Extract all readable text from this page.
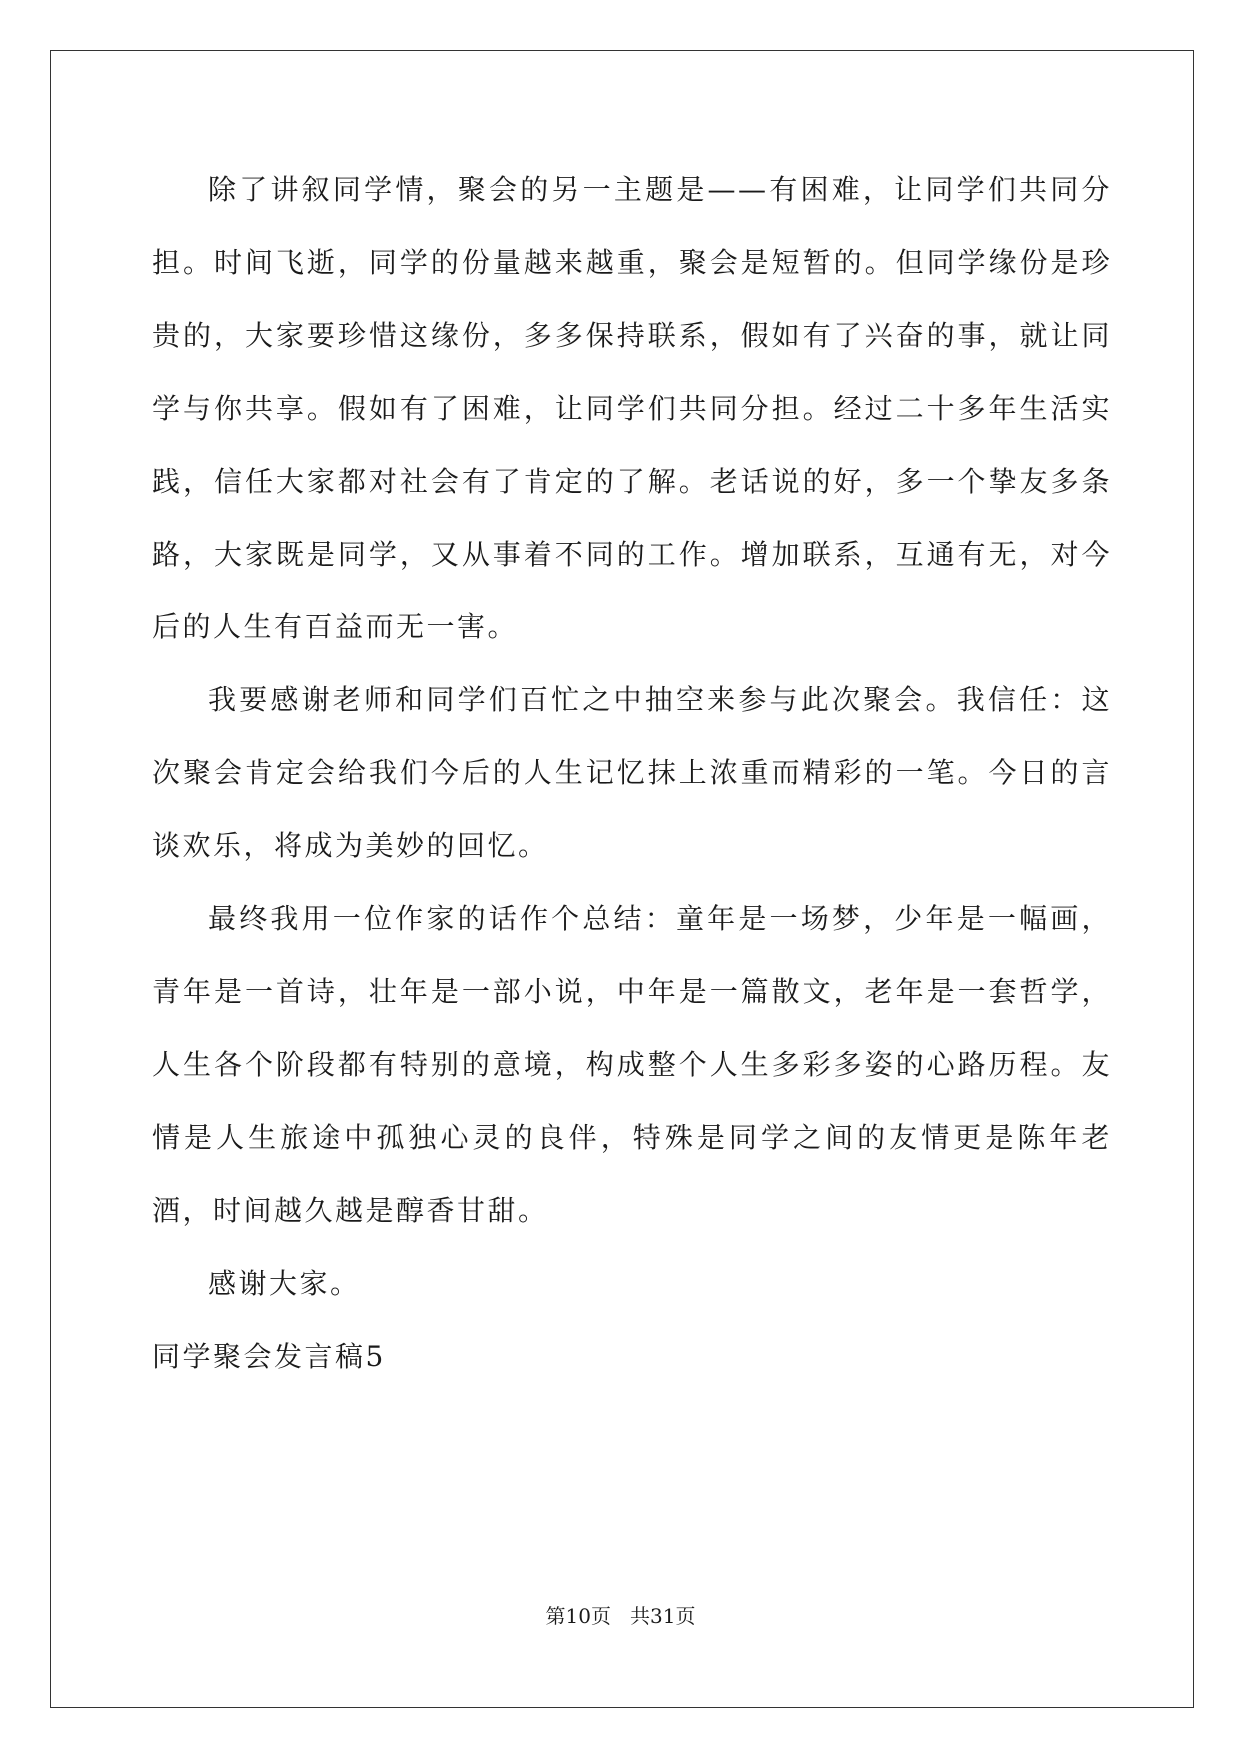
除了讲叙同学情，聚会的另一主题是——有困难，让同学们共同分担。时间飞逝，同学的份量越来越重，聚会是短暂的。但同学缘份是珍贵的，大家要珍惜这缘份，多多保持联系，假如有了兴奋的事，就让同学与你共享。假如有了困难，让同学们共同分担。经过二十多年生活实践，信任大家都对社会有了肯定的了解。老话说的好，多一个挚友多条路，大家既是同学，又从事着不同的工作。增加联系，互通有无，对今后的人生有百益而无一害。

我要感谢老师和同学们百忙之中抽空来参与此次聚会。我信任：这次聚会肯定会给我们今后的人生记忆抹上浓重而精彩的一笔。今日的言谈欢乐，将成为美妙的回忆。

最终我用一位作家的话作个总结：童年是一场梦，少年是一幅画，青年是一首诗，壮年是一部小说，中年是一篇散文，老年是一套哲学，人生各个阶段都有特别的意境，构成整个人生多彩多姿的心路历程。友情是人生旅途中孤独心灵的良伴，特殊是同学之间的友情更是陈年老酒，时间越久越是醇香甘甜。

感谢大家。

同学聚会发言稿5

第10页   共31页
